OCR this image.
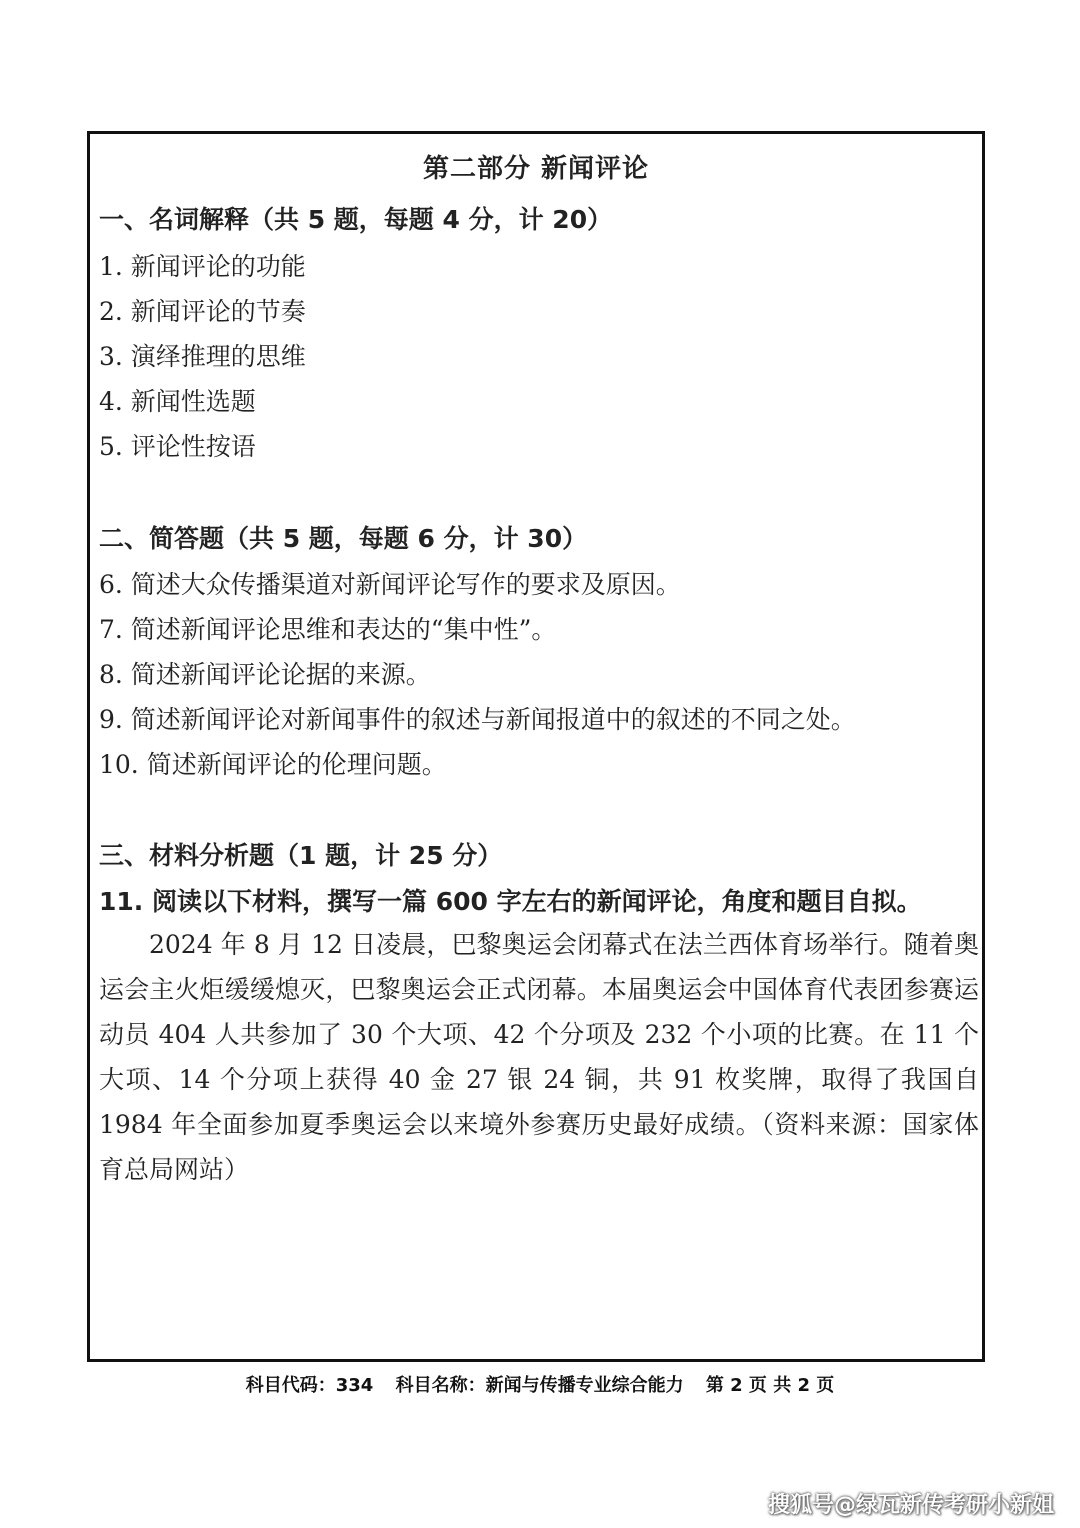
第二部分 新闻评论
一、名词解释（共 5 题，每题 4 分，计 20）
1. 新闻评论的功能
2. 新闻评论的节奏
3. 演绎推理的思维
4. 新闻性选题
5. 评论性按语
二、简答题（共 5 题，每题 6 分，计 30）
6. 简述大众传播渠道对新闻评论写作的要求及原因。
7. 简述新闻评论思维和表达的“集中性”。
8. 简述新闻评论论据的来源。
9. 简述新闻评论对新闻事件的叙述与新闻报道中的叙述的不同之处。
10. 简述新闻评论的伦理问题。
三、材料分析题（1 题，计 25 分）
11. 阅读以下材料，撰写一篇 600 字左右的新闻评论，角度和题目自拟。
2024 年 8 月 12 日凌晨，巴黎奥运会闭幕式在法兰西体育场举行。随着奥运会主火炬缓缓熄灭，巴黎奥运会正式闭幕。本届奥运会中国体育代表团参赛运动员 404 人共参加了 30 个大项、42 个分项及 232 个小项的比赛。在 11 个大项、14 个分项上获得 40 金 27 银 24 铜，共 91 枚奖牌，取得了我国自 1984 年全面参加夏季奥运会以来境外参赛历史最好成绩。（资料来源：国家体育总局网站）
科目代码：334 科目名称：新闻与传播专业综合能力 第 2 页 共 2 页
搜狐号@绿瓦新传考研小新姐
